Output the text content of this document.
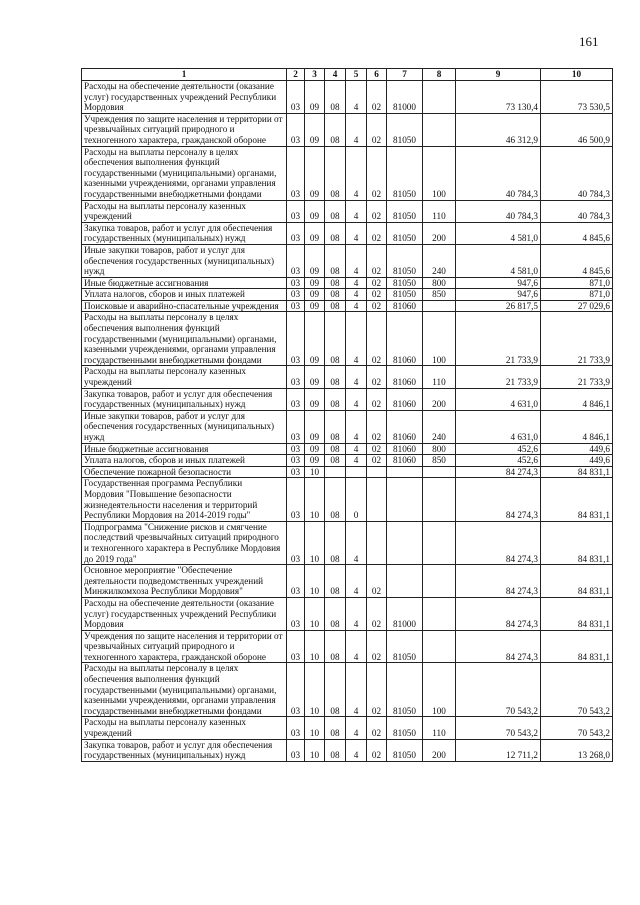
161
1	2	3	4	5	6	7	8	9	10
Расходы на обеспечение деятельности (оказание услуг) государственных учреждений Республики Мордовия	03	09	08	4	02	81000		73 130,4	73 530,5
Учреждения по защите населения и территории от чрезвычайных ситуаций природного и техногенного характера, гражданской обороне	03	09	08	4	02	81050		46 312,9	46 500,9
Расходы на выплаты персоналу в целях обеспечения выполнения функций государственными (муниципальными) органами, казенными учреждениями, органами управления государственными внебюджетными фондами	03	09	08	4	02	81050	100	40 784,3	40 784,3
Расходы на выплаты персоналу казенных учреждений	03	09	08	4	02	81050	110	40 784,3	40 784,3
Закупка товаров, работ и услуг для обеспечения государственных (муниципальных) нужд	03	09	08	4	02	81050	200	4 581,0	4 845,6
Иные закупки товаров, работ и услуг для обеспечения государственных (муниципальных) нужд	03	09	08	4	02	81050	240	4 581,0	4 845,6
Иные бюджетные ассигнования	03	09	08	4	02	81050	800	947,6	871,0
Уплата налогов, сборов и иных платежей	03	09	08	4	02	81050	850	947,6	871,0
Поисковые и аварийно-спасательные учреждения	03	09	08	4	02	81060		26 817,5	27 029,6
Расходы на выплаты персоналу в целях обеспечения выполнения функций государственными (муниципальными) органами, казенными учреждениями, органами управления государственными внебюджетными фондами	03	09	08	4	02	81060	100	21 733,9	21 733,9
Расходы на выплаты персоналу казенных учреждений	03	09	08	4	02	81060	110	21 733,9	21 733,9
Закупка товаров, работ и услуг для обеспечения государственных (муниципальных) нужд	03	09	08	4	02	81060	200	4 631,0	4 846,1
Иные закупки товаров, работ и услуг для обеспечения государственных (муниципальных) нужд	03	09	08	4	02	81060	240	4 631,0	4 846,1
Иные бюджетные ассигнования	03	09	08	4	02	81060	800	452,6	449,6
Уплата налогов, сборов и иных платежей	03	09	08	4	02	81060	850	452,6	449,6
Обеспечение пожарной безопасности	03	10						84 274,3	84 831,1
Государственная программа Республики Мордовия "Повышение безопасности жизнедеятельности населения и территорий Республики Мордовия на 2014-2019 годы"	03	10	08	0				84 274,3	84 831,1
Подпрограмма "Снижение рисков и смягчение последствий чрезвычайных ситуаций природного и техногенного характера в Республике Мордовия до 2019 года"	03	10	08	4				84 274,3	84 831,1
Основное мероприятие "Обеспечение деятельности подведомственных учреждений Минжилкомхоза Республики Мордовия"	03	10	08	4	02			84 274,3	84 831,1
Расходы на обеспечение деятельности (оказание услуг) государственных учреждений Республики Мордовия	03	10	08	4	02	81000		84 274,3	84 831,1
Учреждения по защите населения и территории от чрезвычайных ситуаций природного и техногенного характера, гражданской обороне	03	10	08	4	02	81050		84 274,3	84 831,1
Расходы на выплаты персоналу в целях обеспечения выполнения функций государственными (муниципальными) органами, казенными учреждениями, органами управления государственными внебюджетными фондами	03	10	08	4	02	81050	100	70 543,2	70 543,2
Расходы на выплаты персоналу казенных учреждений	03	10	08	4	02	81050	110	70 543,2	70 543,2
Закупка товаров, работ и услуг для обеспечения государственных (муниципальных) нужд	03	10	08	4	02	81050	200	12 711,2	13 268,0
